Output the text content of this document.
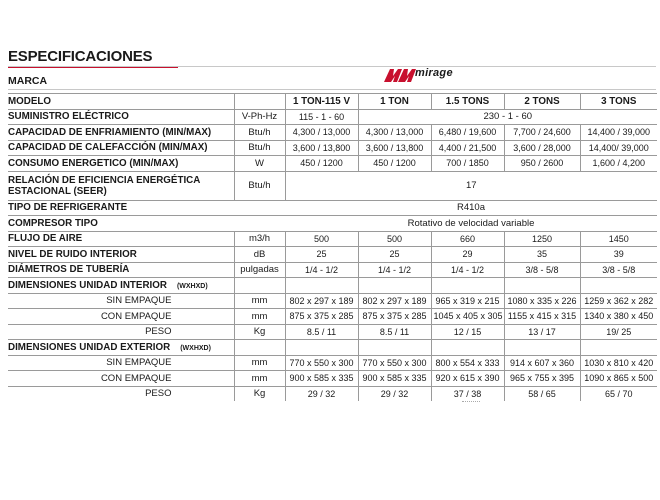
ESPECIFICACIONES
MARCA
mirage
MODELO		1 TON-115 V	1 TON	1.5 TONS	2 TONS	3 TONS
SUMINISTRO ELÉCTRICO	V-Ph-Hz	115 - 1 - 60	230 - 1 - 60			
CAPACIDAD DE ENFRIAMIENTO (MIN/MAX)	Btu/h	4,300 / 13,000	4,300 / 13,000	6,480 / 19,600	7,700 / 24,600	14,400 / 39,000
CAPACIDAD DE CALEFACCIÓN (MIN/MAX)	Btu/h	3,600 / 13,800	3,600 / 13,800	4,400 / 21,500	3,600 / 28,000	14,400/ 39,000
CONSUMO ENERGETICO (MIN/MAX)	W	450 / 1200	450 / 1200	700 / 1850	950 / 2600	1,600 / 4,200
RELACIÓN DE EFICIENCIA ENERGÉTICA ESTACIONAL (SEER)	Btu/h	17				
TIPO DE REFRIGERANTE		R410a				
COMPRESOR TIPO		Rotativo de velocidad variable				
FLUJO DE AIRE	m3/h	500	500	660	1250	1450
NIVEL DE RUIDO INTERIOR	dB	25	25	29	35	39
DIÁMETROS DE TUBERÍA	pulgadas	1/4 - 1/2	1/4 - 1/2	1/4 - 1/2	3/8 - 5/8	3/8 - 5/8
DIMENSIONES UNIDAD INTERIOR (WXHXD)						
SIN EMPAQUE	mm	802 x 297 x 189	802 x 297 x 189	965 x 319 x 215	1080 x 335 x 226	1259 x 362 x 282
CON EMPAQUE	mm	875 x 375 x 285	875 x 375 x 285	1045 x 405 x 305	1155 x 415 x 315	1340 x 380 x 450
PESO	Kg	8.5 / 11	8.5 / 11	12 / 15	13 / 17	19/ 25
DIMENSIONES UNIDAD EXTERIOR (WXHXD)						
SIN EMPAQUE	mm	770 x 550 x 300	770 x 550 x 300	800 x 554 x 333	914 x 607 x 360	1030 x 810 x 420
CON EMPAQUE	mm	900 x 585 x 335	900 x 585 x 335	920 x 615 x 390	965 x 755 x 395	1090 x 865 x 500
PESO	Kg	29 / 32	29 / 32	37 / 38	58 / 65	65 / 70
